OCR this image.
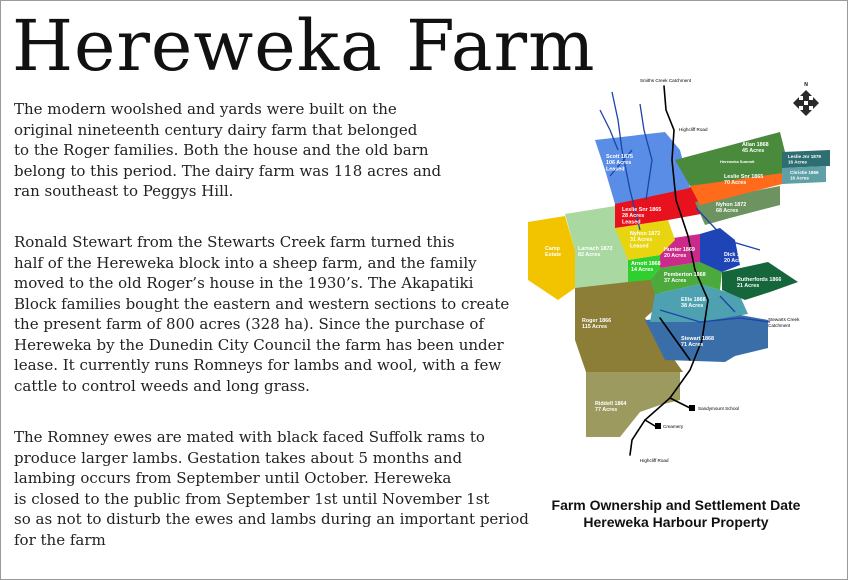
Hereweka Farm

The modern woolshed and yards were built on the
original nineteenth century dairy farm that belonged
to the Roger families. Both the house and the old barn
belong to this period. The dairy farm was 118 acres and
ran southeast to Peggys Hill.

Ronald Stewart from the Stewarts Creek farm turned this
half of the Hereweka block into a sheep farm, and the family
moved to the old Roger’s house in the 1930’s. The Akapatiki
Block families bought the eastern and western sections to create
the present farm of 800 acres (328 ha). Since the purchase of
Hereweka by the Dunedin City Council the farm has been under
lease. It currently runs Romneys for lambs and wool, with a few
cattle to control weeds and long grass.

The Romney ewes are mated with black faced Suffolk rams to
produce larger lambs. Gestation takes about 5 months and
lambing occurs from September until October. Hereweka
is closed to the public from September 1st until November 1st
so as not to disturb the ewes and lambs during an important period
for the farm

N
Smiths Creek Catchment
Highcliff Road
Stewarts Creek Catchment
Sandymount School
Creamery
Highcliff Road
Allan 1868 45 Acres
Hereweka Summit
Leslie Jnr 1879 16 Acres
Christie 1866 16 Acres
Scott 1875 106 Acres Leased
Leslie Snr 1865 70 Acres
Nyhon 1872 68 Acres
Leslie Snr 1865 28 Acres Leased
Nyhon 1872 31 Acres Leased
Camp Estate
Larnach 1872 82 Acres
Hunter 1869 20 Acres	Dick 1868 20 Acres
Arnott 1868 14 Acres
Pemberton 1868 37 Acres	Rutherfords 1866 21 Acres
Ellis 1868 38 Acres
Roger 1866 115 Acres
Stewart 1868 71 Acres
Riddell 1864 77 Acres

Farm Ownership and Settlement Date
Hereweka Harbour Property
